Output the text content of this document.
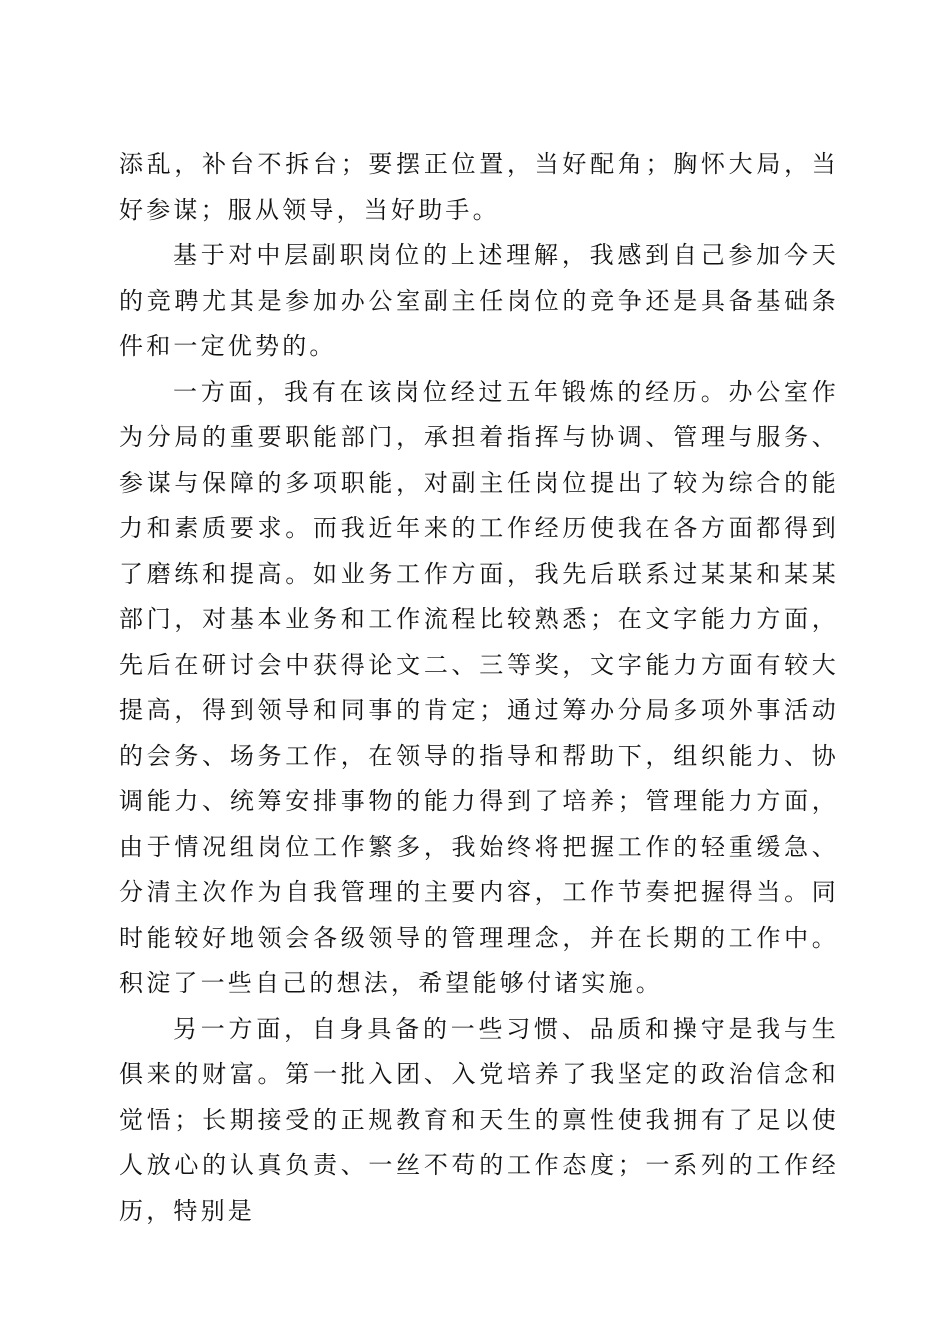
添乱，补台不拆台；要摆正位置，当好配角；胸怀大局，当好参谋；服从领导，当好助手。

基于对中层副职岗位的上述理解，我感到自己参加今天的竞聘尤其是参加办公室副主任岗位的竞争还是具备基础条件和一定优势的。

一方面，我有在该岗位经过五年锻炼的经历。办公室作为分局的重要职能部门，承担着指挥与协调、管理与服务、参谋与保障的多项职能，对副主任岗位提出了较为综合的能力和素质要求。而我近年来的工作经历使我在各方面都得到了磨练和提高。如业务工作方面，我先后联系过某某和某某部门，对基本业务和工作流程比较熟悉；在文字能力方面，先后在研讨会中获得论文二、三等奖，文字能力方面有较大提高，得到领导和同事的肯定；通过筹办分局多项外事活动的会务、场务工作，在领导的指导和帮助下，组织能力、协调能力、统筹安排事物的能力得到了培养；管理能力方面，由于情况组岗位工作繁多，我始终将把握工作的轻重缓急、分清主次作为自我管理的主要内容，工作节奏把握得当。同时能较好地领会各级领导的管理理念，并在长期的工作中。积淀了一些自己的想法，希望能够付诸实施。

另一方面，自身具备的一些习惯、品质和操守是我与生俱来的财富。第一批入团、入党培养了我坚定的政治信念和觉悟；长期接受的正规教育和天生的禀性使我拥有了足以使人放心的认真负责、一丝不苟的工作态度；一系列的工作经历，特别是
